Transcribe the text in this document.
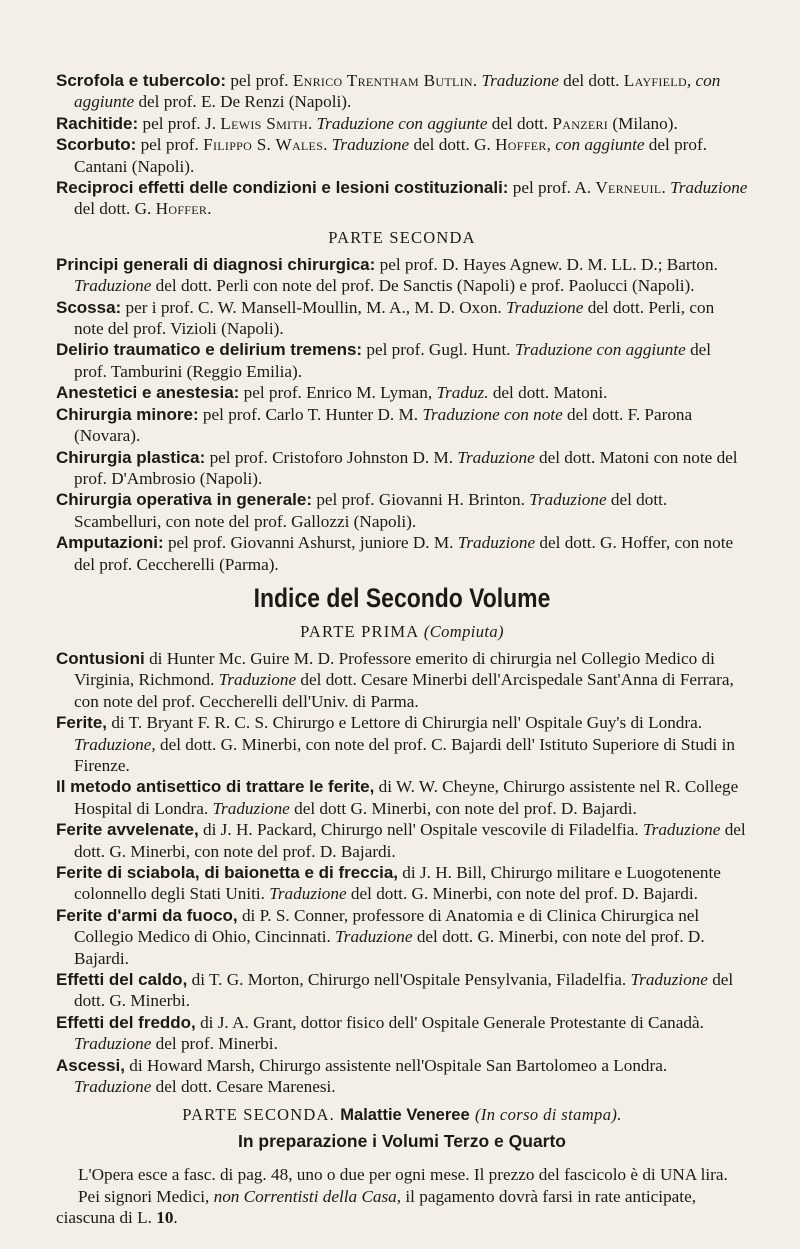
Scrofola e tubercolo: pel prof. Enrico Trentham Butlin. Traduzione del dott. Layfield, con aggiunte del prof. E. De Renzi (Napoli).

Rachitide: pel prof. J. Lewis Smith. Traduzione con aggiunte del dott. Panzeri (Milano).

Scorbuto: pel prof. Filippo S. Wales. Traduzione del dott. G. Hoffer, con aggiunte del prof. Cantani (Napoli).

Reciproci effetti delle condizioni e lesioni costituzionali: pel prof. A. Verneuil. Traduzione del dott. G. Hoffer.

PARTE SECONDA

Principi generali di diagnosi chirurgica: pel prof. D. Hayes Agnew. D. M. LL. D.; Barton. Traduzione del dott. Perli con note del prof. De Sanctis (Napoli) e prof. Paolucci (Napoli).

Scossa: per i prof. C. W. Mansell-Moullin, M. A., M. D. Oxon. Traduzione del dott. Perli, con note del prof. Vizioli (Napoli).

Delirio traumatico e delirium tremens: pel prof. Gugl. Hunt. Traduzione con aggiunte del prof. Tamburini (Reggio Emilia).

Anestetici e anestesia: pel prof. Enrico M. Lyman, Traduz. del dott. Matoni.

Chirurgia minore: pel prof. Carlo T. Hunter D. M. Traduzione con note del dott. F. Parona (Novara).

Chirurgia plastica: pel prof. Cristoforo Johnston D. M. Traduzione del dott. Matoni con note del prof. D'Ambrosio (Napoli).

Chirurgia operativa in generale: pel prof. Giovanni H. Brinton. Traduzione del dott. Scambelluri, con note del prof. Gallozzi (Napoli).

Amputazioni: pel prof. Giovanni Ashurst, juniore D. M. Traduzione del dott. G. Hoffer, con note del prof. Ceccherelli (Parma).

Indice del Secondo Volume
PARTE PRIMA (Compiuta)

Contusioni di Hunter Mc. Guire M. D. Professore emerito di chirurgia nel Collegio Medico di Virginia, Richmond. Traduzione del dott. Cesare Minerbi dell'Arcispedale Sant'Anna di Ferrara, con note del prof. Ceccherelli dell'Univ. di Parma.

Ferite, di T. Bryant F. R. C. S. Chirurgo e Lettore di Chirurgia nell' Ospitale Guy's di Londra. Traduzione, del dott. G. Minerbi, con note del prof. C. Bajardi dell' Istituto Superiore di Studi in Firenze.

Il metodo antisettico di trattare le ferite, di W. W. Cheyne, Chirurgo assistente nel R. College Hospital di Londra. Traduzione del dott G. Minerbi, con note del prof. D. Bajardi.

Ferite avvelenate, di J. H. Packard, Chirurgo nell' Ospitale vescovile di Filadelfia. Traduzione del dott. G. Minerbi, con note del prof. D. Bajardi.

Ferite di sciabola, di baionetta e di freccia, di J. H. Bill, Chirurgo militare e Luogotenente colonnello degli Stati Uniti. Traduzione del dott. G. Minerbi, con note del prof. D. Bajardi.

Ferite d'armi da fuoco, di P. S. Conner, professore di Anatomia e di Clinica Chirurgica nel Collegio Medico di Ohio, Cincinnati. Traduzione del dott. G. Minerbi, con note del prof. D. Bajardi.

Effetti del caldo, di T. G. Morton, Chirurgo nell'Ospitale Pensylvania, Filadelfia. Traduzione del dott. G. Minerbi.

Effetti del freddo, di J. A. Grant, dottor fisico dell' Ospitale Generale Protestante di Canadà. Traduzione del prof. Minerbi.

Ascessi, di Howard Marsh, Chirurgo assistente nell'Ospitale San Bartolomeo a Londra. Traduzione del dott. Cesare Marenesi.

PARTE SECONDA. Malattie Veneree (In corso di stampa).
In preparazione i Volumi Terzo e Quarto

L'Opera esce a fasc. di pag. 48, uno o due per ogni mese. Il prezzo del fascicolo è di UNA lira.

Pei signori Medici, non Correntisti della Casa, il pagamento dovrà farsi in rate anticipate, ciascuna di L. 10.
